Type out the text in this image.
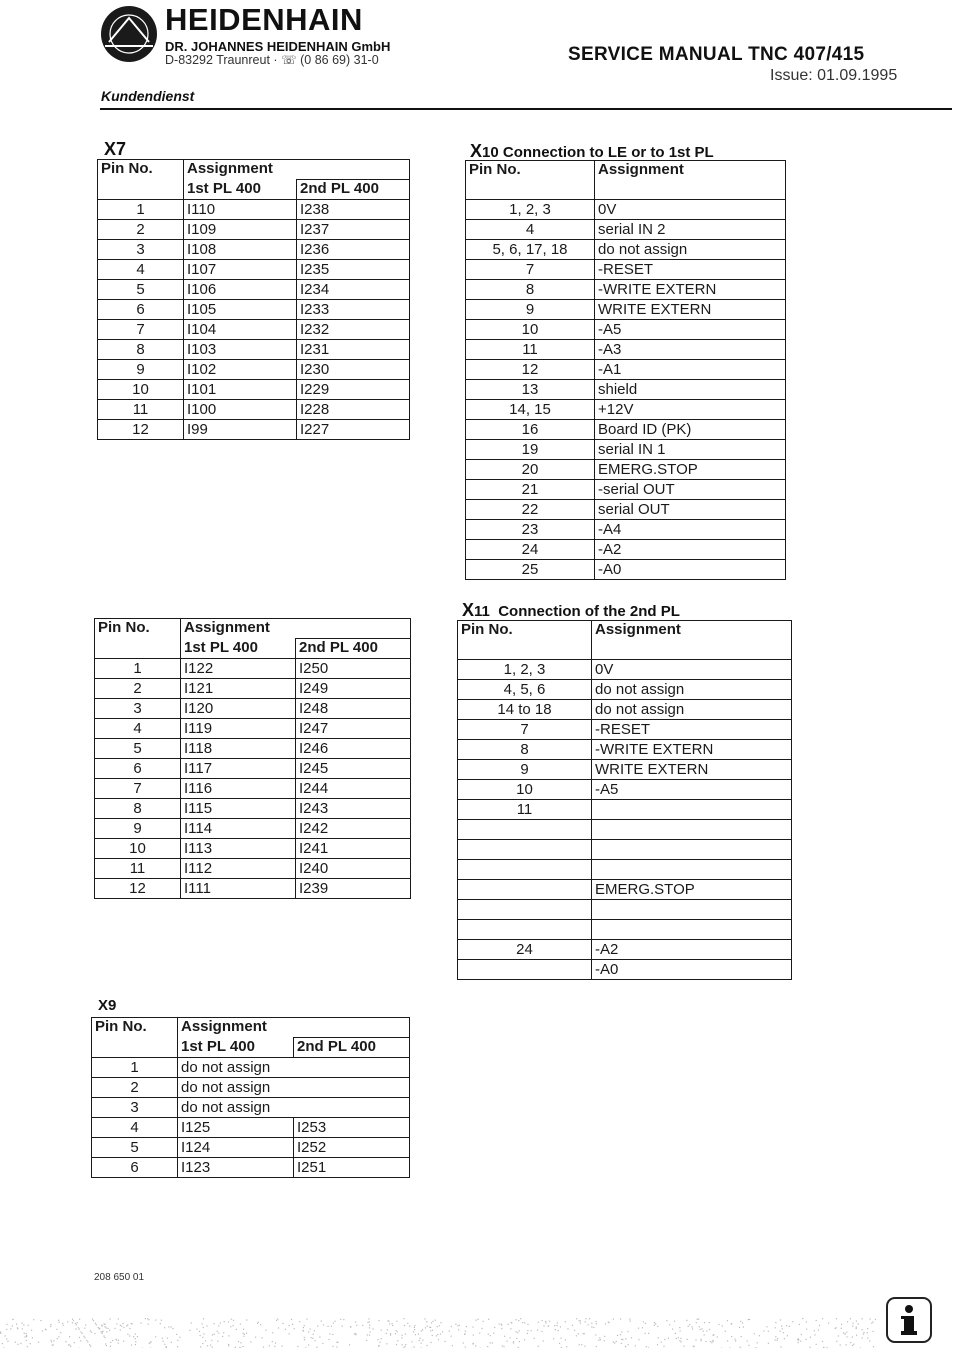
HEIDENHAIN
DR. JOHANNES HEIDENHAIN GmbH
D-83292 Traunreut · ☏ (0 86 69) 31-0	SERVICE MANUAL TNC 407/415
Issue: 01.09.1995
Kundendienst
X7
Pin No.	Assignment	
	1st PL 400	2nd PL 400
1	I110	I238
2	I109	I237
3	I108	I236
4	I107	I235
5	I106	I234
6	I105	I233
7	I104	I232
8	I103	I231
9	I102	I230
10	I101	I229
11	I100	I228
12	I99	I227
Pin No.	Assignment	
	1st PL 400	2nd PL 400
1	I122	I250
2	I121	I249
3	I120	I248
4	I119	I247
5	I118	I246
6	I117	I245
7	I116	I244
8	I115	I243
9	I114	I242
10	I113	I241
11	I112	I240
12	I111	I239
X9
Pin No.	Assignment	
	1st PL 400	2nd PL 400
1	do not assign	
2	do not assign	
3	do not assign	
4	I125	I253
5	I124	I252
6	I123	I251
X10 Connection to LE or to 1st PL
Pin No.	Assignment
1, 2, 3	0V
4	serial IN 2
5, 6, 17, 18	do not assign
7	-RESET
8	-WRITE EXTERN
9	WRITE EXTERN
10	-A5
11	-A3
12	-A1
13	shield
14, 15	+12V
16	Board ID (PK)
19	serial IN 1
20	EMERG.STOP
21	-serial OUT
22	serial OUT
23	-A4
24	-A2
25	-A0
X11 Connection of the 2nd PL
Pin No.	Assignment
1, 2, 3	0V
4, 5, 6	do not assign
14 to 18	do not assign
7	-RESET
8	-WRITE EXTERN
9	WRITE EXTERN
10	-A5
11	

	EMERG.STOP

24	-A2
	-A0
208 650 01
